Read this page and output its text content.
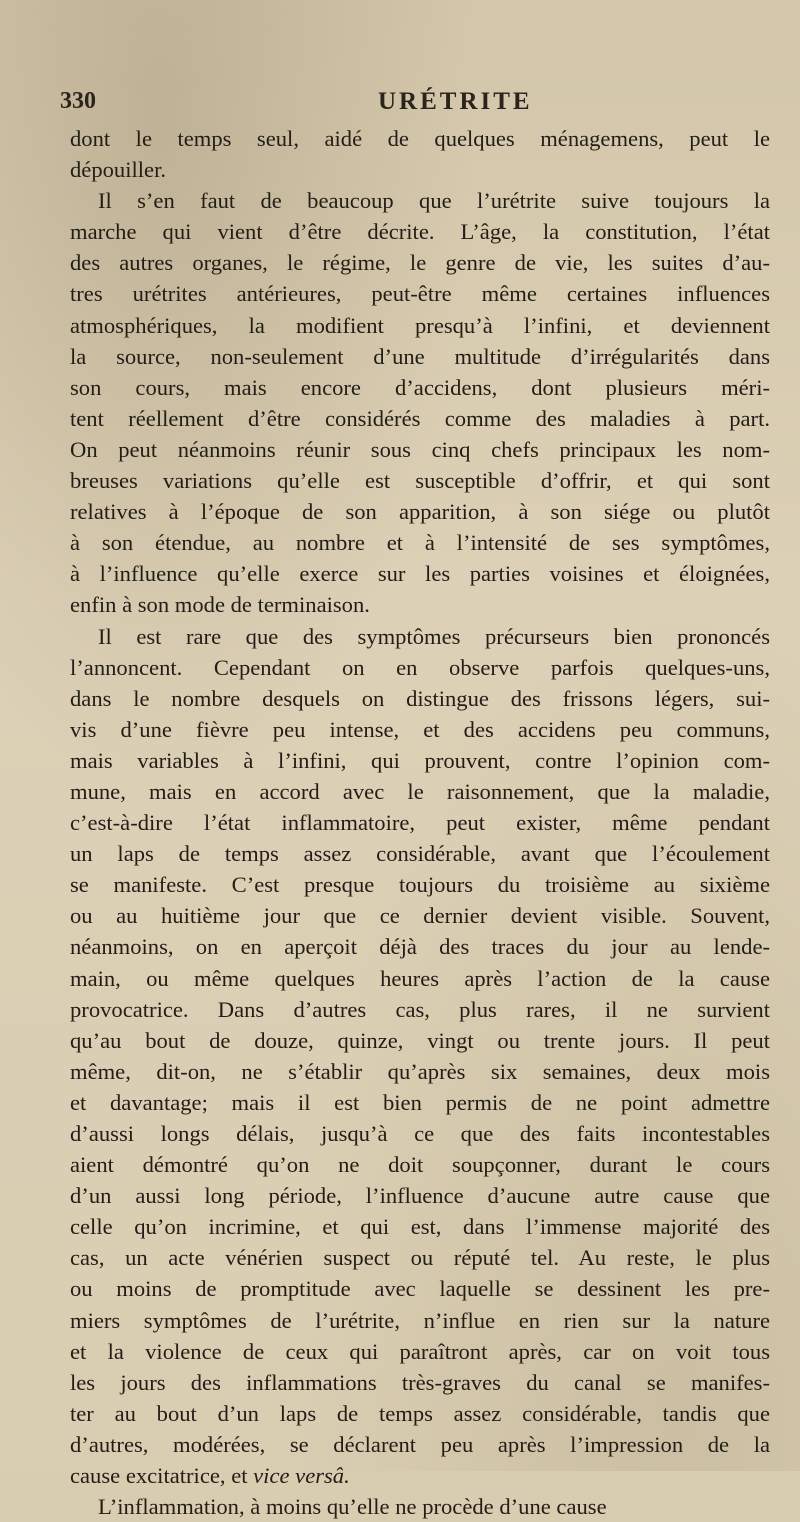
330	URÉTRITE
dont le temps seul, aidé de quelques ménagemens, peut le
dépouiller.
Il s’en faut de beaucoup que l’urétrite suive toujours la
marche qui vient d’être décrite. L’âge, la constitution, l’état
des autres organes, le régime, le genre de vie, les suites d’au-
tres urétrites antérieures, peut-être même certaines influences
atmosphériques, la modifient presqu’à l’infini, et deviennent
la source, non-seulement d’une multitude d’irrégularités dans
son cours, mais encore d’accidens, dont plusieurs méri-
tent réellement d’être considérés comme des maladies à part.
On peut néanmoins réunir sous cinq chefs principaux les nom-
breuses variations qu’elle est susceptible d’offrir, et qui sont
relatives à l’époque de son apparition, à son siége ou plutôt
à son étendue, au nombre et à l’intensité de ses symptômes,
à l’influence qu’elle exerce sur les parties voisines et éloignées,
enfin à son mode de terminaison.
Il est rare que des symptômes précurseurs bien prononcés
l’annoncent. Cependant on en observe parfois quelques-uns,
dans le nombre desquels on distingue des frissons légers, sui-
vis d’une fièvre peu intense, et des accidens peu communs,
mais variables à l’infini, qui prouvent, contre l’opinion com-
mune, mais en accord avec le raisonnement, que la maladie,
c’est-à-dire l’état inflammatoire, peut exister, même pendant
un laps de temps assez considérable, avant que l’écoulement
se manifeste. C’est presque toujours du troisième au sixième
ou au huitième jour que ce dernier devient visible. Souvent,
néanmoins, on en aperçoit déjà des traces du jour au lende-
main, ou même quelques heures après l’action de la cause
provocatrice. Dans d’autres cas, plus rares, il ne survient
qu’au bout de douze, quinze, vingt ou trente jours. Il peut
même, dit-on, ne s’établir qu’après six semaines, deux mois
et davantage; mais il est bien permis de ne point admettre
d’aussi longs délais, jusqu’à ce que des faits incontestables
aient démontré qu’on ne doit soupçonner, durant le cours
d’un aussi long période, l’influence d’aucune autre cause que
celle qu’on incrimine, et qui est, dans l’immense majorité des
cas, un acte vénérien suspect ou réputé tel. Au reste, le plus
ou moins de promptitude avec laquelle se dessinent les pre-
miers symptômes de l’urétrite, n’influe en rien sur la nature
et la violence de ceux qui paraîtront après, car on voit tous
les jours des inflammations très-graves du canal se manifes-
ter au bout d’un laps de temps assez considérable, tandis que
d’autres, modérées, se déclarent peu après l’impression de la
cause excitatrice, et vice versâ.
L’inflammation, à moins qu’elle ne procède d’une cause
